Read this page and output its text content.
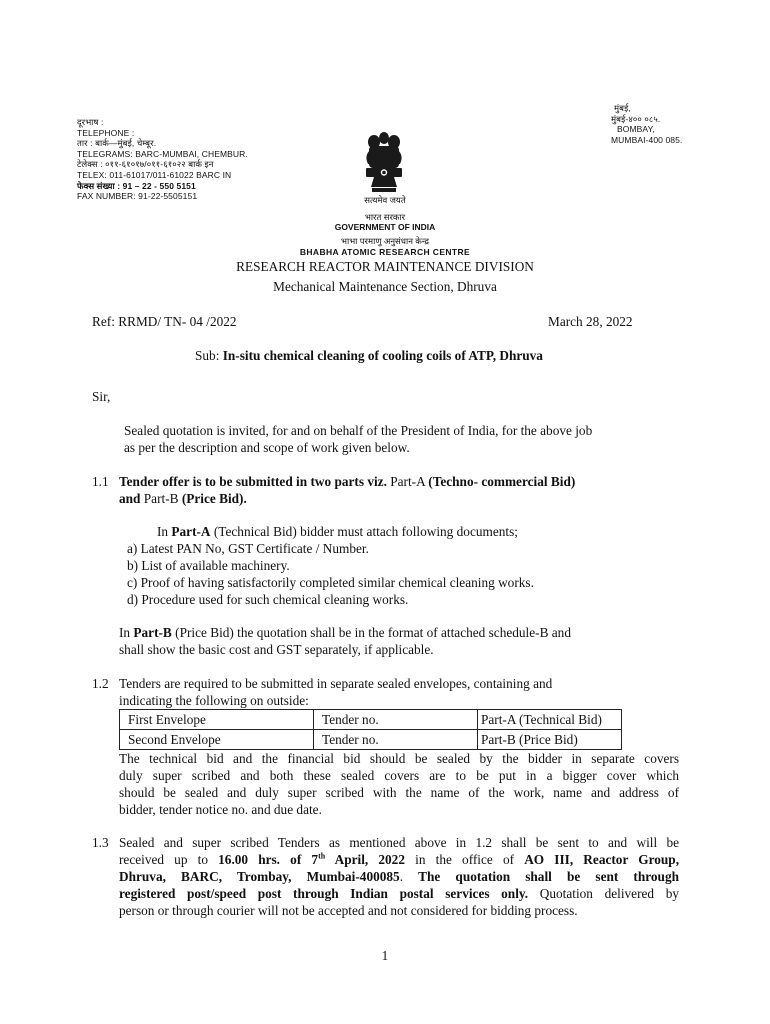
दूरभाष :
TELEPHONE :
तार : बार्क—मुंबई, चेम्बूर.
TELEGRAMS: BARC-MUMBAI, CHEMBUR.
टेलेक्स : ०११-६१०१७/०११-६१०२२ बार्क इन
TELEX: 011-61017/011-61022 BARC IN
फेक्स संख्या : 91 – 22 - 550 5151
FAX NUMBER: 91-22-5505151
मुंबई,
मुंबई-४०० ०८५.
BOMBAY,
MUMBAI-400 085.
सत्यमेव जयते
भारत सरकार
GOVERNMENT OF INDIA
भाभा परमाणु अनुसंधान केन्द्र
BHABHA ATOMIC RESEARCH CENTRE
RESEARCH REACTOR MAINTENANCE DIVISION
Mechanical Maintenance Section, Dhruva
Ref: RRMD/ TN- 04 /2022	March 28, 2022
Sub: In-situ chemical cleaning of cooling coils of ATP, Dhruva
Sir,
Sealed quotation is invited, for and on behalf of the President of India, for the above job
as per the description and scope of work given below.
1.1 Tender offer is to be submitted in two parts viz. Part-A (Techno- commercial Bid)
and Part-B (Price Bid).
In Part-A (Technical Bid) bidder must attach following documents;
a) Latest PAN No, GST Certificate / Number.
b) List of available machinery.
c) Proof of having satisfactorily completed similar chemical cleaning works.
d) Procedure used for such chemical cleaning works.
In Part-B (Price Bid) the quotation shall be in the format of attached schedule-B and
shall show the basic cost and GST separately, if applicable.
1.2 Tenders are required to be submitted in separate sealed envelopes, containing and
indicating the following on outside:
First Envelope	Tender no.	Part-A (Technical Bid)
Second Envelope	Tender no.	Part-B (Price Bid)
The technical bid and the financial bid should be sealed by the bidder in separate covers
duly super scribed and both these sealed covers are to be put in a bigger cover which
should be sealed and duly super scribed with the name of the work, name and address of
bidder, tender notice no. and due date.
1.3 Sealed and super scribed Tenders as mentioned above in 1.2 shall be sent to and will be
received up to 16.00 hrs. of 7th April, 2022 in the office of AO III, Reactor Group,
Dhruva, BARC, Trombay, Mumbai-400085. The quotation shall be sent through
registered post/speed post through Indian postal services only. Quotation delivered by
person or through courier will not be accepted and not considered for bidding process.
1
